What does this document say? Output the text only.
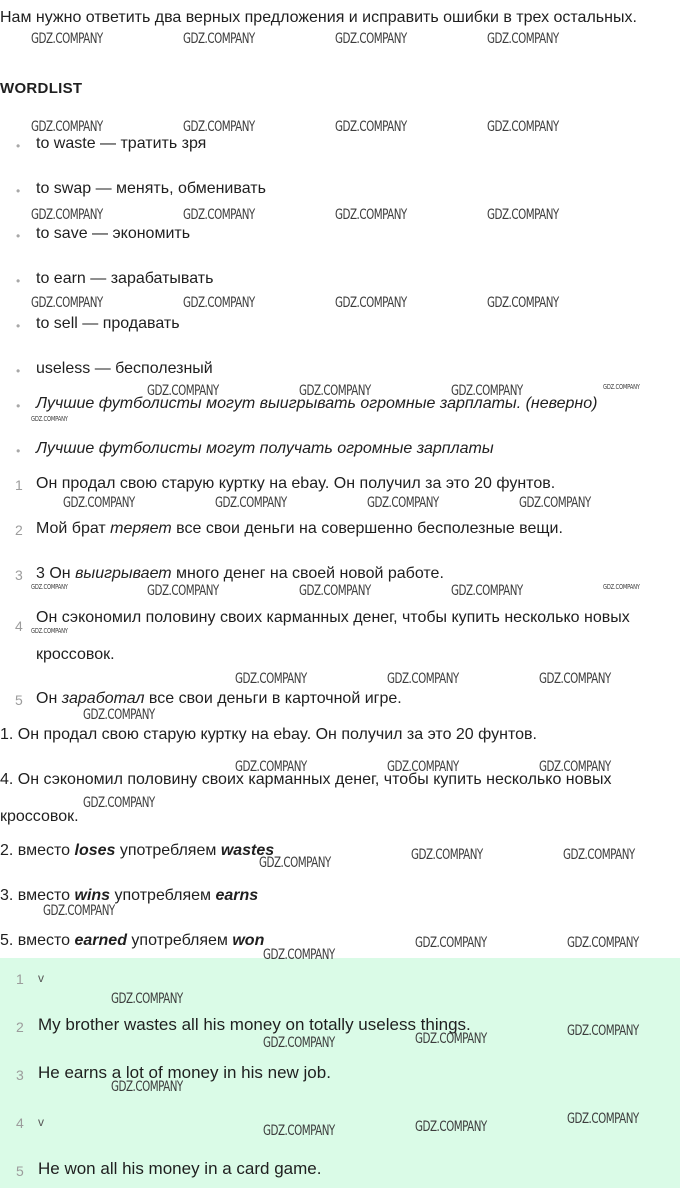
Нам нужно ответить два верных предложения и исправить ошибки в трех остальных.
WORDLIST
• to waste — тратить зря
• to swap — менять, обменивать
• to save — экономить
• to earn — зарабатывать
• to sell — продавать
• useless — бесполезный
• Лучшие футболисты могут выигрывать огромные зарплаты. (неверно)
• Лучшие футболисты могут получать огромные зарплаты
1 Он продал свою старую куртку на ebay. Он получил за это 20 фунтов.
2 Мой брат теряет все свои деньги на совершенно бесполезные вещи.
3 3 Он выигрывает много денег на своей новой работе.
4 Он сэкономил половину своих карманных денег, чтобы купить несколько новых кроссовок.
5 Он заработал все свои деньги в карточной игре.
1. Он продал свою старую куртку на ebay. Он получил за это 20 фунтов.
4. Он сэкономил половину своих карманных денег, чтобы купить несколько новых кроссовок.
2. вместо loses употребляем wastes
3. вместо wins употребляем earns
5. вместо earned употребляем won
1 v
2 My brother wastes all his money on totally useless things.
3 He earns a lot of money in his new job.
4 v
5 He won all his money in a card game.
GDZ.COMPANY	GDZ.COMPANY	GDZ.COMPANY	GDZ.COMPANY
GDZ.COMPANY	GDZ.COMPANY	GDZ.COMPANY	GDZ.COMPANY
GDZ.COMPANY	GDZ.COMPANY	GDZ.COMPANY	GDZ.COMPANY
GDZ.COMPANY	GDZ.COMPANY	GDZ.COMPANY	GDZ.COMPANY
GDZ.COMPANY	GDZ.COMPANY	GDZ.COMPANY
GDZ.COMPANY	GDZ.COMPANY	GDZ.COMPANY	GDZ.COMPANY
GDZ.COMPANY	GDZ.COMPANY	GDZ.COMPANY
GDZ.COMPANY	GDZ.COMPANY	GDZ.COMPANY
GDZ.COMPANY
GDZ.COMPANY	GDZ.COMPANY	GDZ.COMPANY
GDZ.COMPANY
GDZ.COMPANY	GDZ.COMPANY	GDZ.COMPANY
GDZ.COMPANY
GDZ.COMPANY
GDZ.COMPANY	GDZ.COMPANY
GDZ.COMPANY
GDZ.COMPANY	GDZ.COMPANY	GDZ.COMPANY
GDZ.COMPANY
GDZ.COMPANY	GDZ.COMPANY	GDZ.COMPANY
GDZ.COMPANY
GDZ.COMPANY
GDZ.COMPANY	GDZ.COMPANY
GDZ.COMPANY
